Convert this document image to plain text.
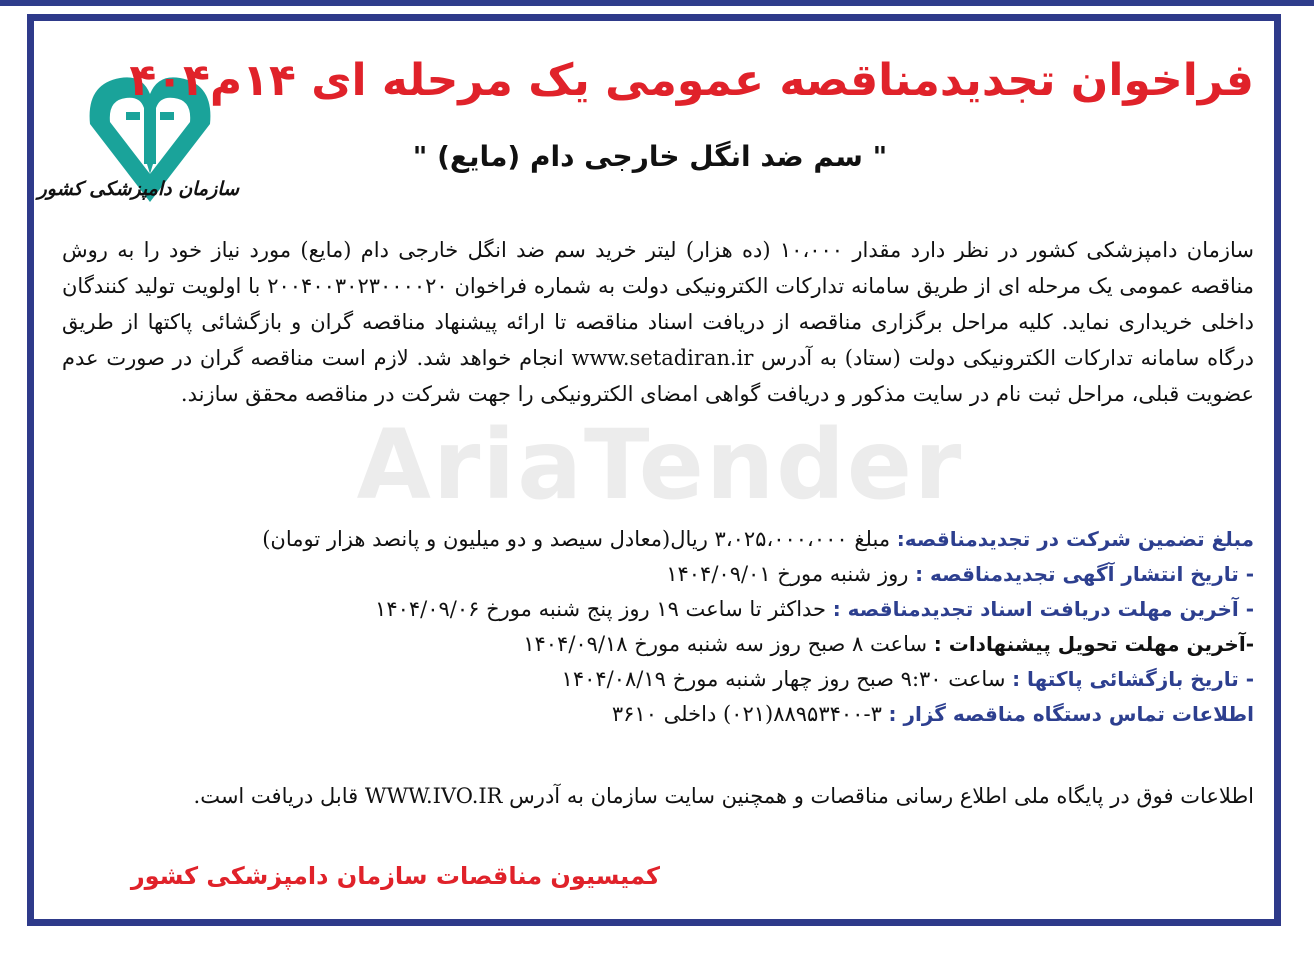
AriaTender
سازمان دامپزشکی کشور
فراخوان تجدیدمناقصه عمومی یک مرحله ای ۱۴م۴۰۴
" سم ضد انگل خارجی دام (مایع) "
سازمان دامپزشکی کشور در نظر دارد مقدار ۱۰،۰۰۰ (ده هزار) لیتر خرید سم ضد انگل خارجی دام (مایع) مورد نیاز خود را به روش مناقصه عمومی یک مرحله ای از طریق سامانه تدارکات الکترونیکی دولت به شماره فراخوان ۲۰۰۴۰۰۳۰۲۳۰۰۰۰۲۰ با اولویت تولید کنندگان داخلی خریداری نماید. کلیه مراحل برگزاری مناقصه از دریافت اسناد مناقصه تا ارائه پیشنهاد مناقصه گران و بازگشائی پاکتها از طریق درگاه سامانه تدارکات الکترونیکی دولت (ستاد) به آدرس www.setadiran.ir انجام خواهد شد. لازم است مناقصه گران در صورت عدم عضویت قبلی، مراحل ثبت نام در سایت مذکور و دریافت گواهی امضای الکترونیکی را جهت شرکت در مناقصه محقق سازند.
مبلغ تضمین شرکت در تجدیدمناقصه: مبلغ ۳،۰۲۵،۰۰۰،۰۰۰ ریال(معادل سیصد و دو میلیون و پانصد هزار تومان)
- تاریخ انتشار آگهی تجدیدمناقصه : روز شنبه مورخ ۱۴۰۴/۰۹/۰۱
- آخرین مهلت دریافت اسناد تجدیدمناقصه : حداکثر تا ساعت ۱۹ روز پنج شنبه مورخ ۱۴۰۴/۰۹/۰۶
-آخرین مهلت تحویل پیشنهادات : ساعت ۸ صبح روز سه شنبه مورخ ۱۴۰۴/۰۹/۱۸
- تاریخ بازگشائی پاکتها : ساعت ۹:۳۰ صبح روز چهار شنبه مورخ ۱۴۰۴/۰۸/۱۹
اطلاعات تماس دستگاه مناقصه گزار : ۳-۸۸۹۵۳۴۰۰(۰۲۱) داخلی ۳۶۱۰
اطلاعات فوق در پایگاه ملی اطلاع رسانی مناقصات و همچنین سایت سازمان به آدرس WWW.IVO.IR قابل دریافت است.
کمیسیون مناقصات سازمان دامپزشکی کشور
